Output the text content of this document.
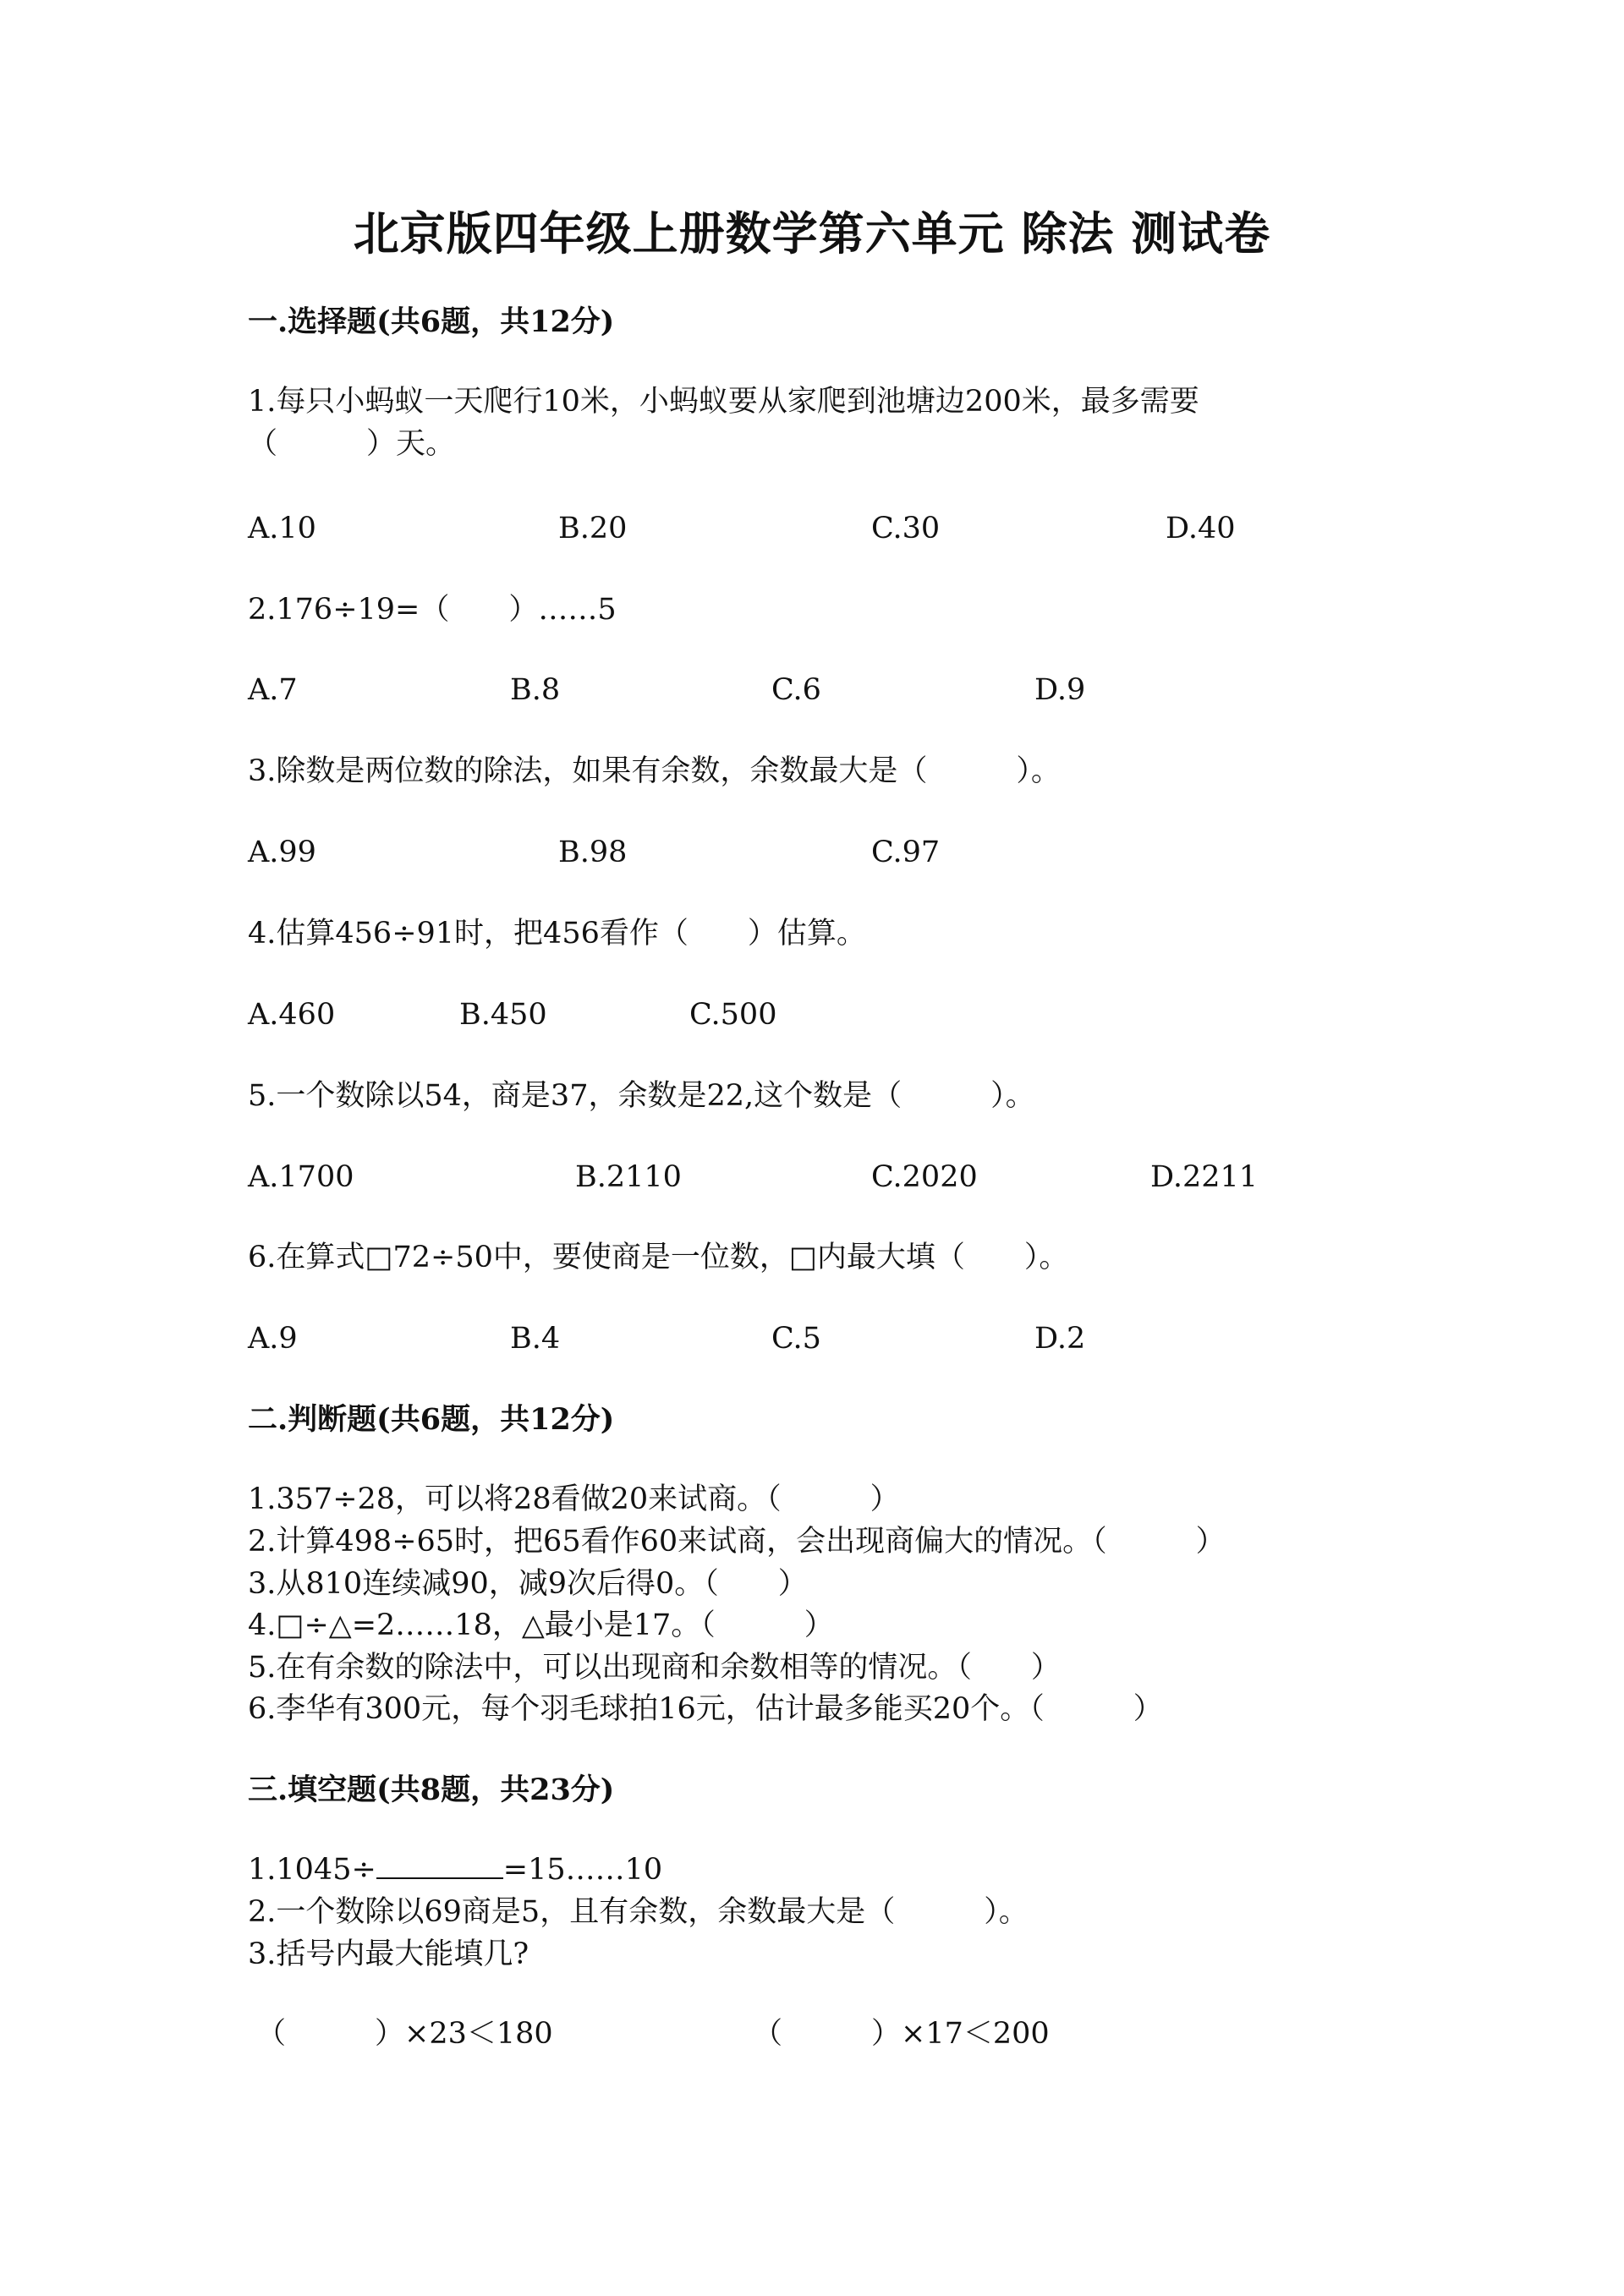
北京版四年级上册数学第六单元 除法 测试卷
一.选择题(共6题，共12分)
1.每只小蚂蚁一天爬行10米，小蚂蚁要从家爬到池塘边200米，最多需要
（　　　）天。
A.10	B.20	C.30	D.40
2.176÷19=（　　）……5
A.7	B.8	C.6	D.9
3.除数是两位数的除法，如果有余数，余数最大是（　　　）。
A.99	B.98	C.97
4.估算456÷91时，把456看作（　　）估算。
A.460	B.450	C.500
5.一个数除以54，商是37，余数是22,这个数是（　　　）。
A.1700	B.2110	C.2020	D.2211
6.在算式□72÷50中，要使商是一位数，□内最大填（　　）。
A.9	B.4	C.5	D.2
二.判断题(共6题，共12分)
1.357÷28，可以将28看做20来试商。（　　　）
2.计算498÷65时，把65看作60来试商，会出现商偏大的情况。（　　　）
3.从810连续减90，减9次后得0。（　　）
4.□÷△=2……18，△最小是17。（　　　）
5.在有余数的除法中，可以出现商和余数相等的情况。（　　）
6.李华有300元，每个羽毛球拍16元，估计最多能买20个。（　　　）
三.填空题(共8题，共23分)
1.1045÷	=15……10
2.一个数除以69商是5，且有余数，余数最大是（　　　）。
3.括号内最大能填几?
（　　　）×23＜180	（　　　）×17＜200
